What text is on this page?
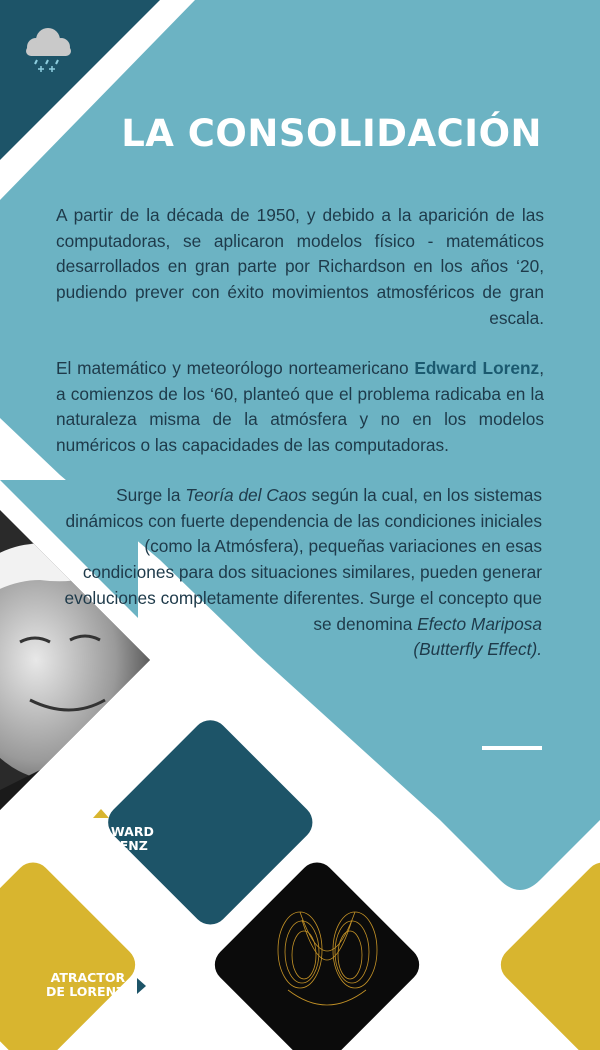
LA CONSOLIDACIÓN

A partir de la década de 1950, y debido a la aparición de las computadoras, se aplicaron modelos físico - matemáticos desarrollados en gran parte por Richardson en los años ‘20, pudiendo prever con éxito movimientos atmosféricos de gran escala.

El matemático y meteorólogo norteamericano Edward Lorenz, a comienzos de los ‘60, planteó que el problema radicaba en la naturaleza misma de la atmósfera y no en los modelos numéricos o las capacidades de las computadoras.

Surge la Teoría del Caos según la cual, en los sistemas dinámicos con fuerte dependencia de las condiciones iniciales (como la Atmósfera), pequeñas variaciones en esas condiciones para dos situaciones similares, pueden generar evoluciones completamente diferentes. Surge el concepto que se denomina Efecto Mariposa
(Butterfly Effect).

EDWARD
LORENZ
ATRACTOR
DE LORENZ
